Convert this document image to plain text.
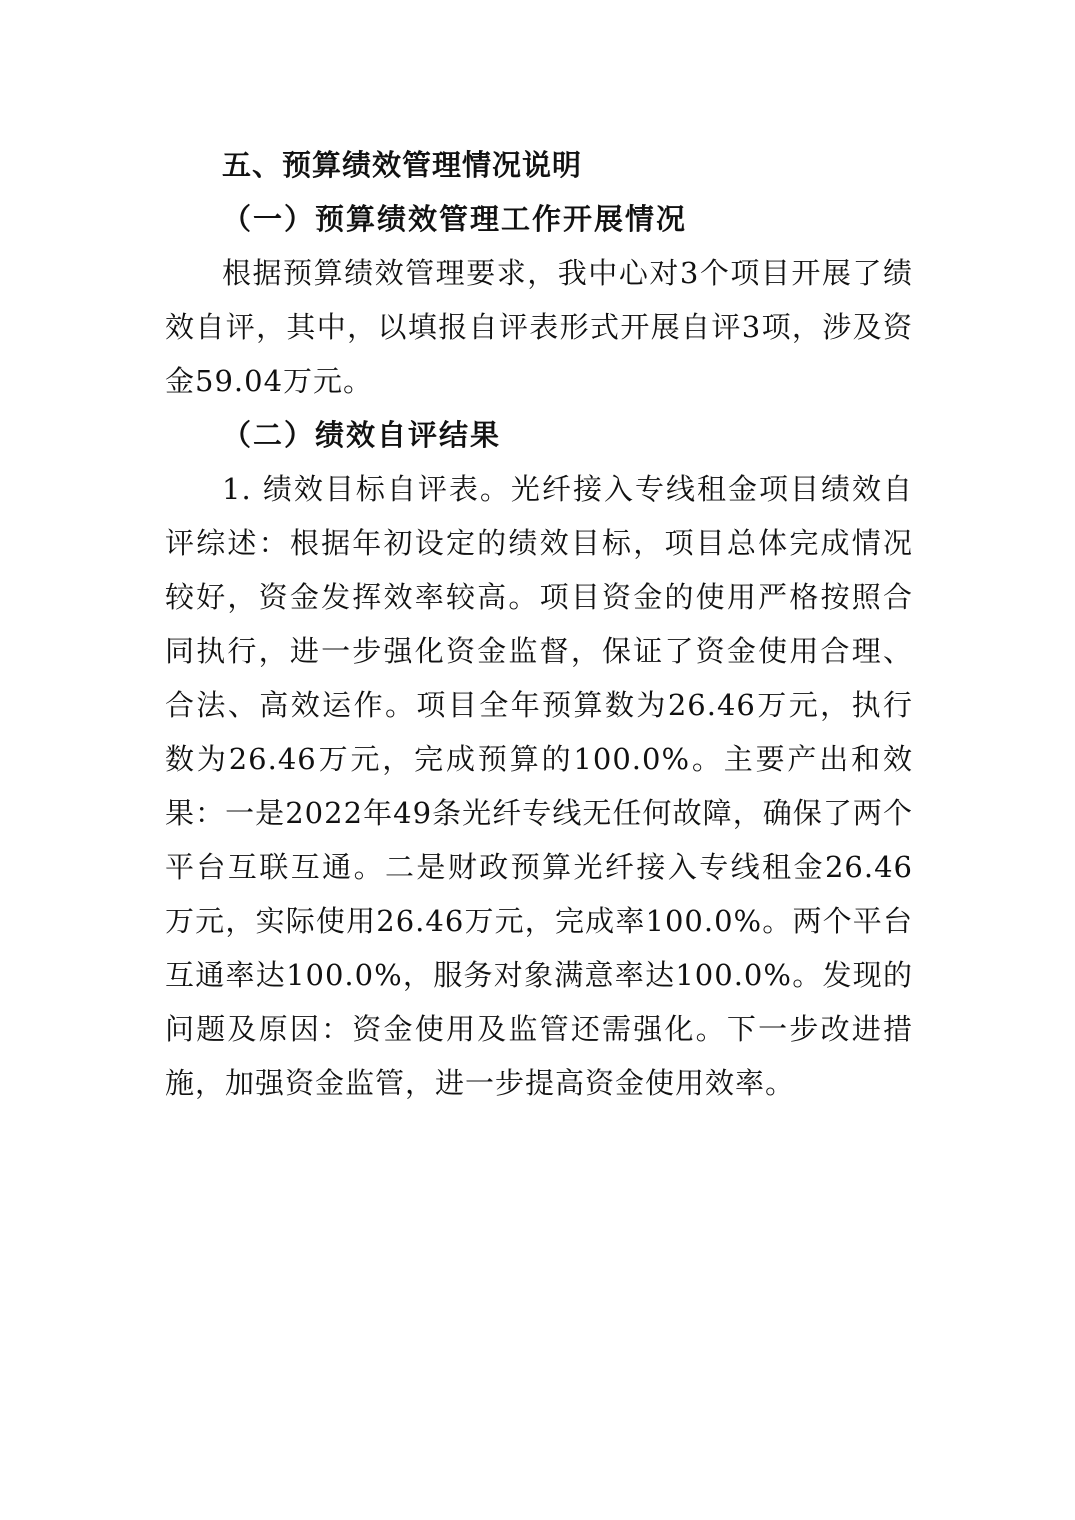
五、预算绩效管理情况说明
（一）预算绩效管理工作开展情况

根据预算绩效管理要求，我中心对3个项目开展了绩效自评，其中，以填报自评表形式开展自评3项，涉及资金59.04万元。

（二）绩效自评结果

1. 绩效目标自评表。光纤接入专线租金项目绩效自评综述：根据年初设定的绩效目标，项目总体完成情况较好，资金发挥效率较高。项目资金的使用严格按照合同执行，进一步强化资金监督，保证了资金使用合理、合法、高效运作。项目全年预算数为26.46万元，执行数为26.46万元，完成预算的100.0%。主要产出和效果：一是2022年49条光纤专线无任何故障，确保了两个平台互联互通。二是财政预算光纤接入专线租金26.46万元，实际使用26.46万元，完成率100.0%。两个平台互通率达100.0%，服务对象满意率达100.0%。发现的问题及原因：资金使用及监管还需强化。下一步改进措施，加强资金监管，进一步提高资金使用效率。
